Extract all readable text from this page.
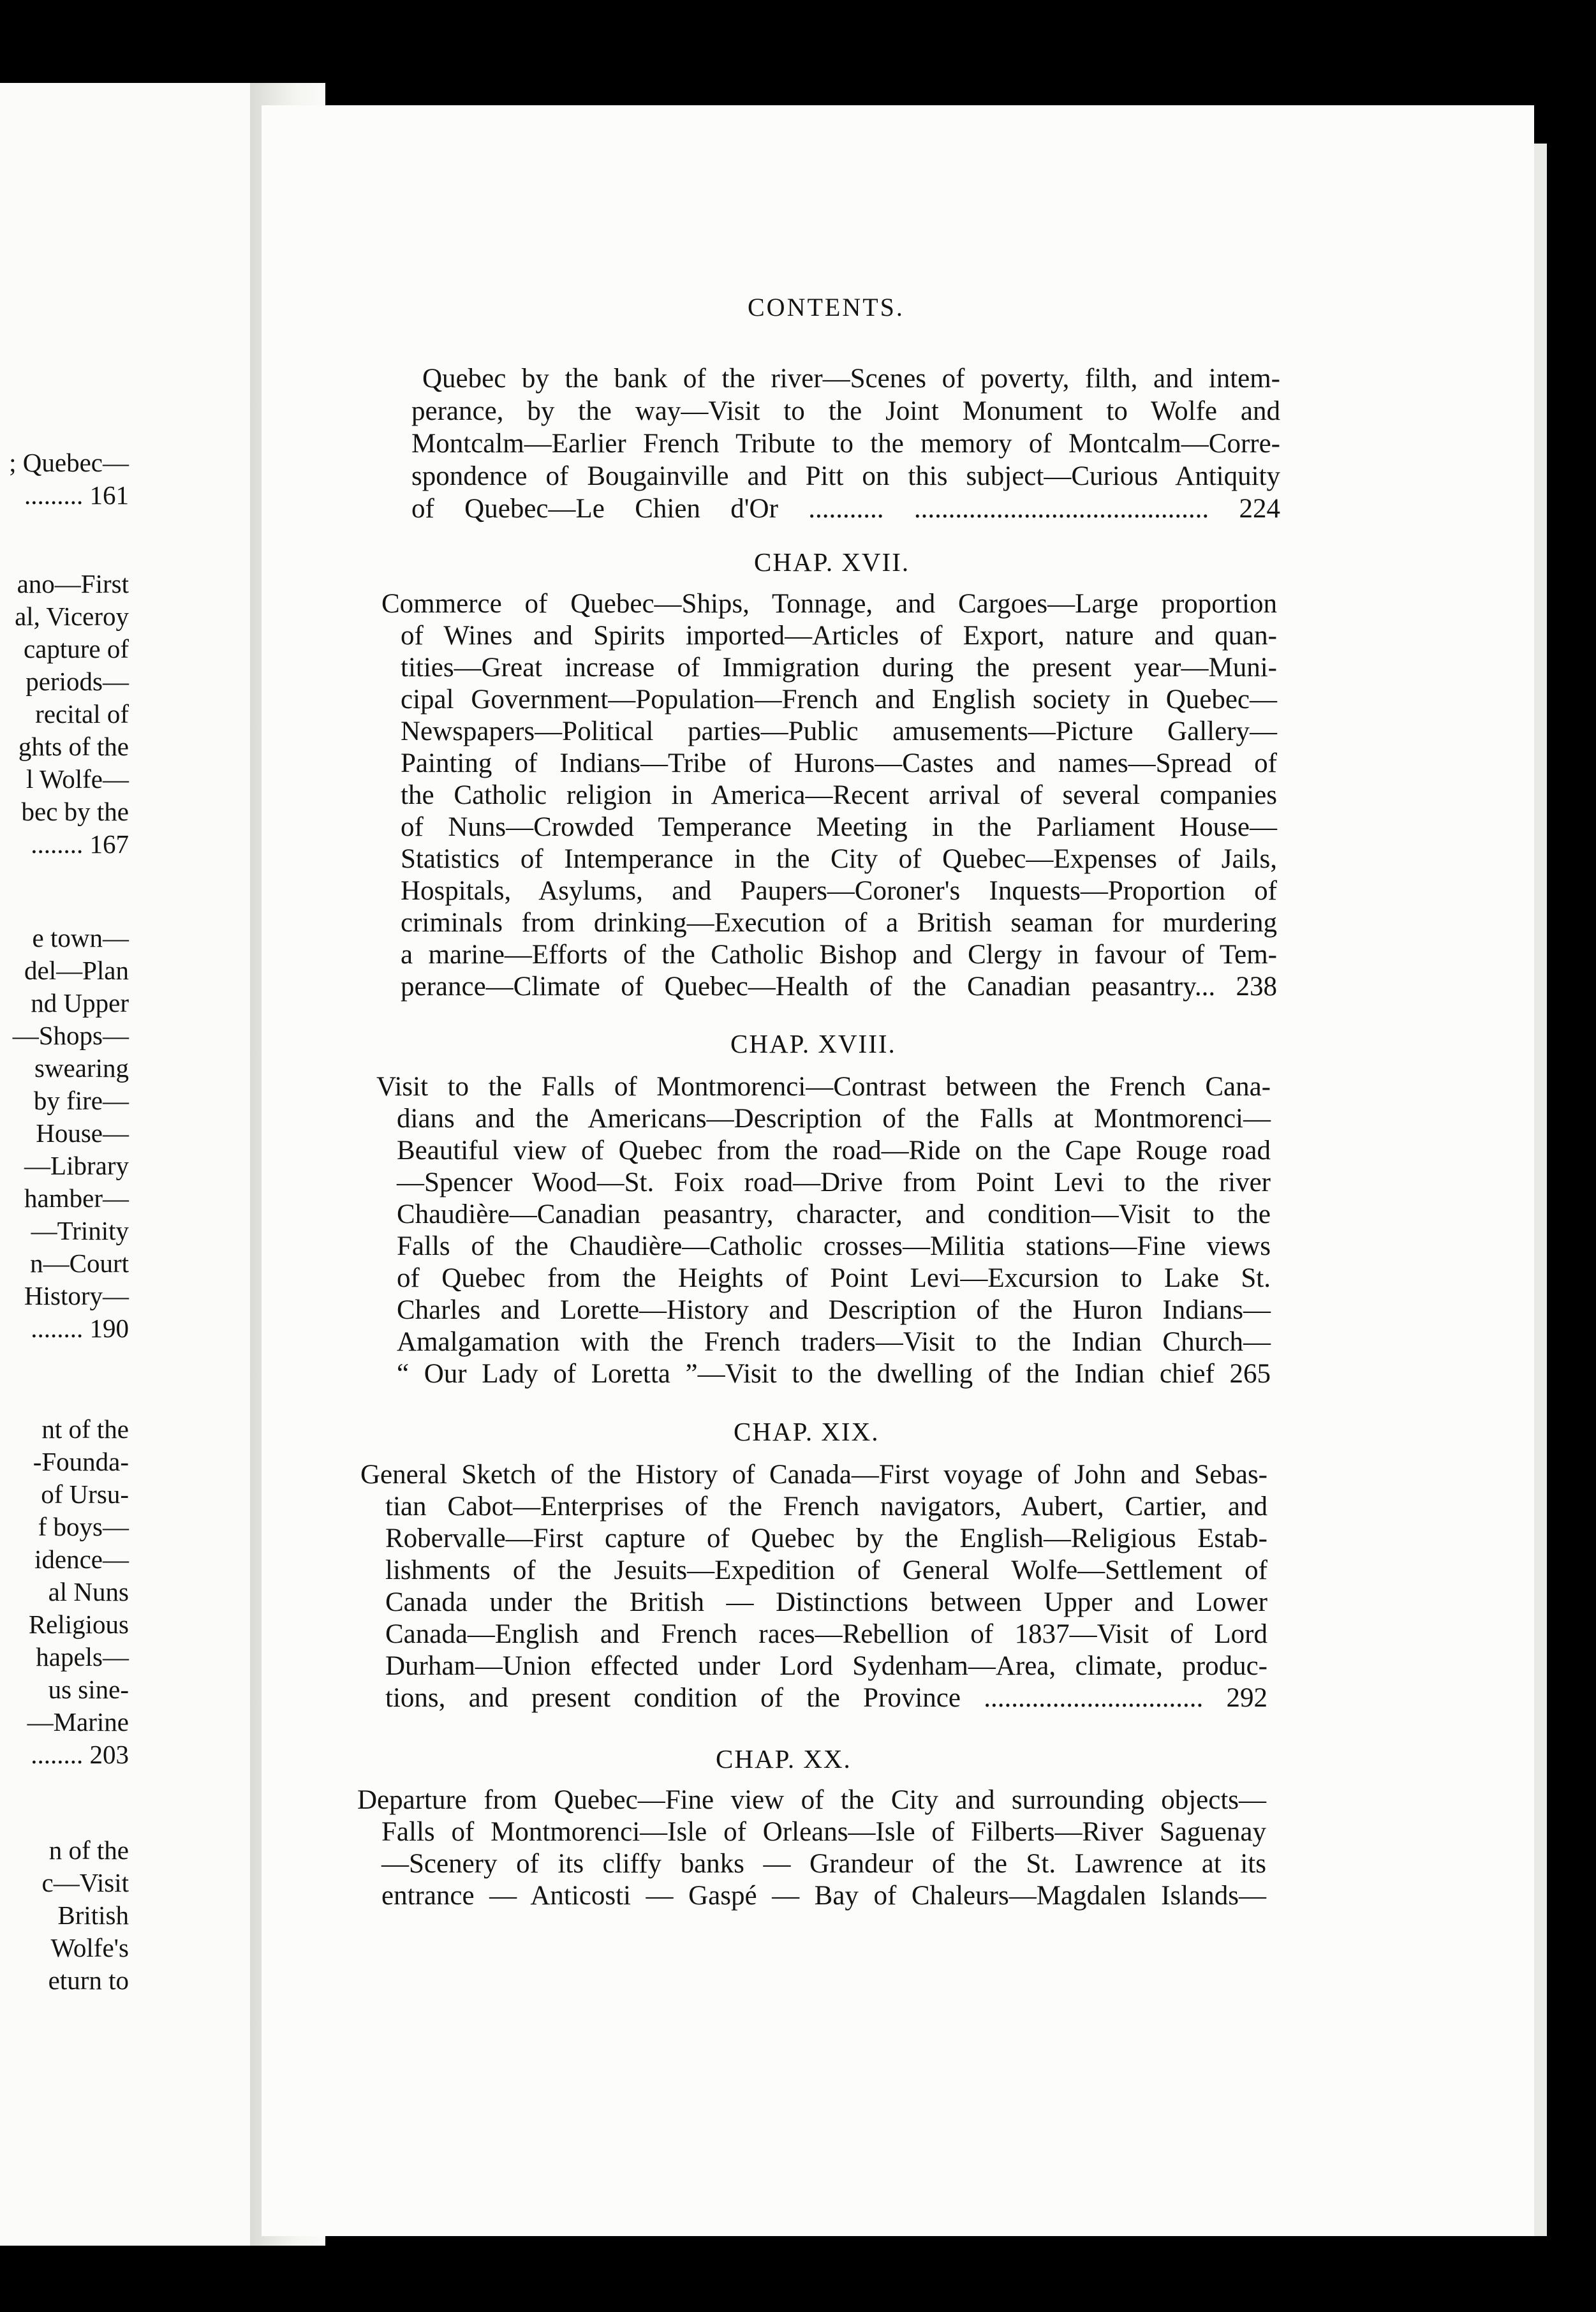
; Quebec—
......... 161
ano—First
al, Viceroy
capture of
periods—
recital of
ghts of the
l Wolfe—
bec by the
........ 167
e town—
del—Plan
nd Upper
—Shops—
swearing
by fire—
House—
—Library
hamber—
—Trinity
n—Court
History—
........ 190
nt of the
-Founda-
of Ursu-
f boys—
idence—
al Nuns
Religious
hapels—
us sine-
—Marine
........ 203
n of the
c—Visit
British
Wolfe's
eturn to
CONTENTS.
Quebec by the bank of the river—Scenes of poverty, filth, and intem-
perance, by the way—Visit to the Joint Monument to Wolfe and
Montcalm—Earlier French Tribute to the memory of Montcalm—Corre-
spondence of Bougainville and Pitt on this subject—Curious Antiquity
of Quebec—Le Chien d'Or ........... ........................................... 224
CHAP. XVII.
Commerce of Quebec—Ships, Tonnage, and Cargoes—Large proportion
of Wines and Spirits imported—Articles of Export, nature and quan-
tities—Great increase of Immigration during the present year—Muni-
cipal Government—Population—French and English society in Quebec—
Newspapers—Political parties—Public amusements—Picture Gallery—
Painting of Indians—Tribe of Hurons—Castes and names—Spread of
the Catholic religion in America—Recent arrival of several companies
of Nuns—Crowded Temperance Meeting in the Parliament House—
Statistics of Intemperance in the City of Quebec—Expenses of Jails,
Hospitals, Asylums, and Paupers—Coroner's Inquests—Proportion of
criminals from drinking—Execution of a British seaman for murdering
a marine—Efforts of the Catholic Bishop and Clergy in favour of Tem-
perance—Climate of Quebec—Health of the Canadian peasantry... 238
CHAP. XVIII.
Visit to the Falls of Montmorenci—Contrast between the French Cana-
dians and the Americans—Description of the Falls at Montmorenci—
Beautiful view of Quebec from the road—Ride on the Cape Rouge road
—Spencer Wood—St. Foix road—Drive from Point Levi to the river
Chaudière—Canadian peasantry, character, and condition—Visit to the
Falls of the Chaudière—Catholic crosses—Militia stations—Fine views
of Quebec from the Heights of Point Levi—Excursion to Lake St.
Charles and Lorette—History and Description of the Huron Indians—
Amalgamation with the French traders—Visit to the Indian Church—
“ Our Lady of Loretta ”—Visit to the dwelling of the Indian chief 265
CHAP. XIX.
General Sketch of the History of Canada—First voyage of John and Sebas-
tian Cabot—Enterprises of the French navigators, Aubert, Cartier, and
Robervalle—First capture of Quebec by the English—Religious Estab-
lishments of the Jesuits—Expedition of General Wolfe—Settlement of
Canada under the British — Distinctions between Upper and Lower
Canada—English and French races—Rebellion of 1837—Visit of Lord
Durham—Union effected under Lord Sydenham—Area, climate, produc-
tions, and present condition of the Province ................................ 292
CHAP. XX.
Departure from Quebec—Fine view of the City and surrounding objects—
Falls of Montmorenci—Isle of Orleans—Isle of Filberts—River Saguenay
—Scenery of its cliffy banks — Grandeur of the St. Lawrence at its
entrance — Anticosti — Gaspé — Bay of Chaleurs—Magdalen Islands—
